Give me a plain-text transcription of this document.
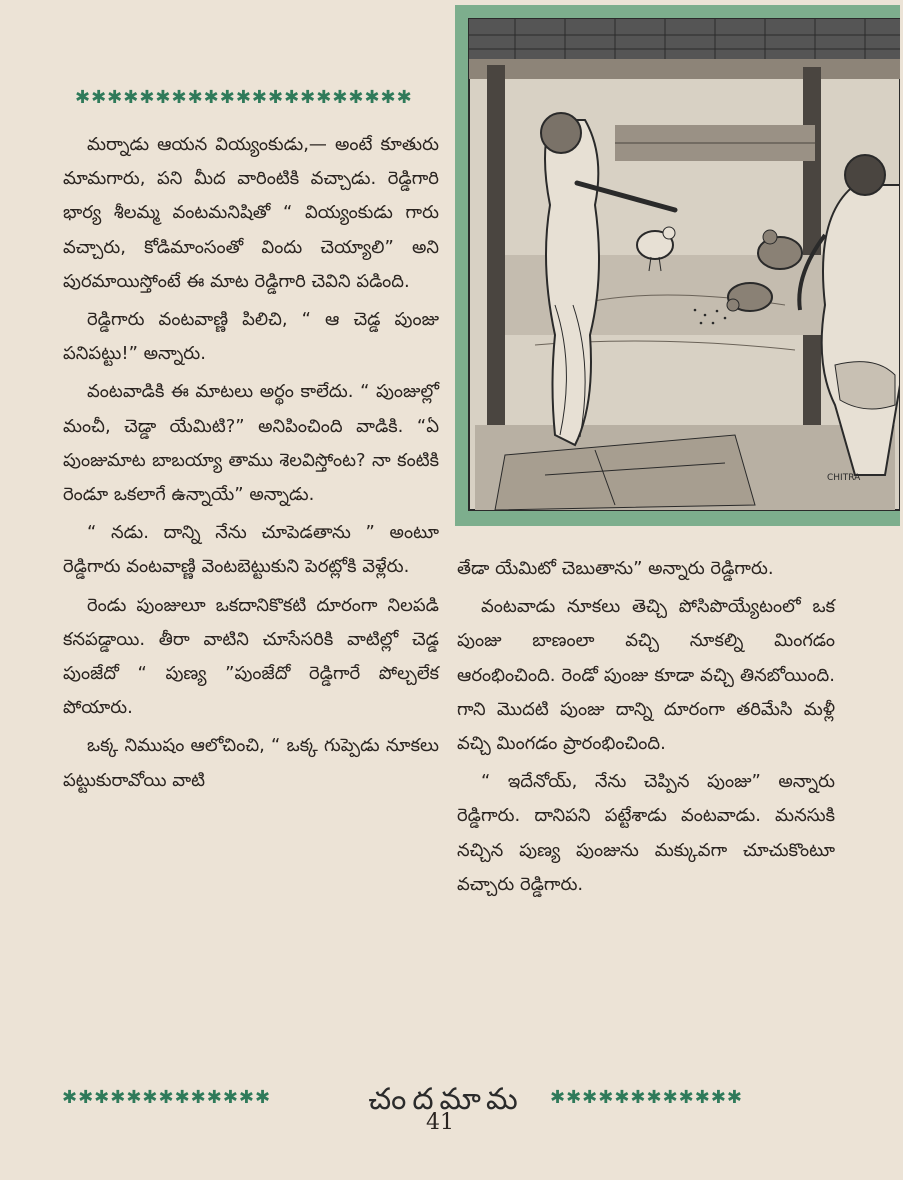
✱✱✱✱✱✱✱✱✱✱✱✱✱✱✱✱✱✱✱✱✱

మర్నాడు ఆయన వియ్యంకుడు,— అంటే కూతురు మామగారు, పని మీద వారింటికి వచ్చాడు. రెడ్డిగారి భార్య శీలమ్మ వంటమనిషితో “ వియ్యంకుడు గారు వచ్చారు, కోడిమాంసంతో విందు చెయ్యాలి” అని పురమాయిస్తోంటే ఈ మాట రెడ్డిగారి చెవిని పడింది.

రెడ్డిగారు వంటవాణ్ణి పిలిచి, “ ఆ చెడ్డ పుంజు పనిపట్టు!” అన్నారు.

వంటవాడికి ఈ మాటలు అర్థం కాలేదు. “ పుంజుల్లో మంచీ, చెడ్డా యేమిటి?” అనిపించింది వాడికి. “ఏ పుంజుమాట బాబయ్యా తాము శెలవిస్తోంట? నా కంటికి రెండూ ఒకలాగే ఉన్నాయే” అన్నాడు.

“ నడు. దాన్ని నేను చూపెడతాను ” అంటూ రెడ్డిగారు వంటవాణ్ణి వెంటబెట్టుకుని పెరట్లోకి వెళ్లేరు.

రెండు పుంజులూ ఒకదానికొకటి దూరంగా నిలపడి కనపడ్డాయి. తీరా వాటిని చూసేసరికి వాటిల్లో చెడ్డ పుంజేదో “ పుణ్య ”పుంజేదో రెడ్డిగారే పోల్చలేక పోయారు.

ఒక్క నిముషం ఆలోచించి, “ ఒక్క గుప్పెడు నూకలు పట్టుకురావోయి వాటి

CHITRA

తేడా యేమిటో చెబుతాను” అన్నారు రెడ్డిగారు.

వంటవాడు నూకలు తెచ్చి పోసిపొయ్యేటంలో ఒక పుంజు బాణంలా వచ్చి నూకల్ని మింగడం ఆరంభించింది. రెండో పుంజు కూడా వచ్చి తినబోయింది. గాని మొదటి పుంజు దాన్ని దూరంగా తరిమేసి మళ్లీ వచ్చి మింగడం ప్రారంభించింది.

“ ఇదేనోయ్, నేను చెప్పిన పుంజు” అన్నారు రెడ్డిగారు. దానిపని పట్టేశాడు వంటవాడు. మనసుకి నచ్చిన పుణ్య పుంజును మక్కువగా చూచుకొంటూ వచ్చారు రెడ్డిగారు.

✱✱✱✱✱✱✱✱✱✱✱✱✱	చందమామ	✱✱✱✱✱✱✱✱✱✱✱✱
41
